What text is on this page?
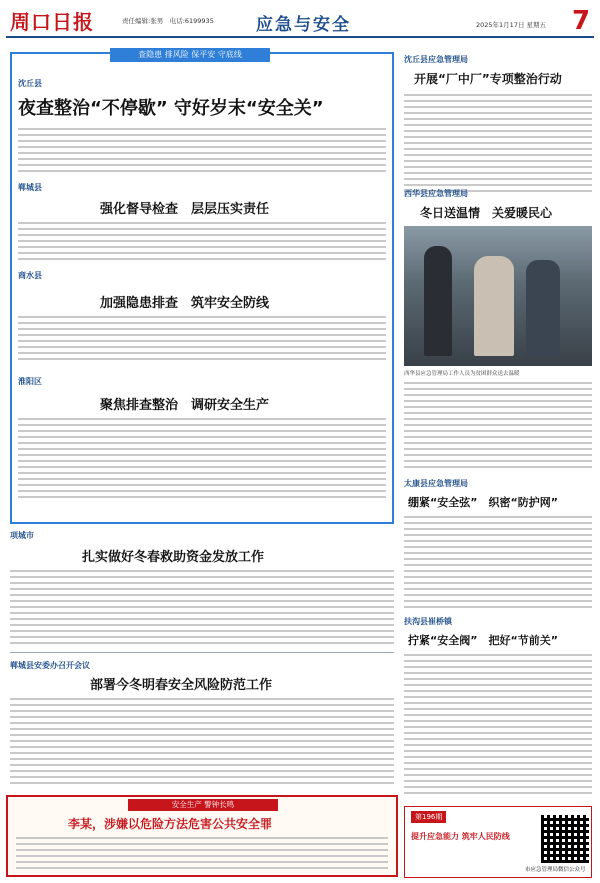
周口日报	责任编辑:张男　电话:6199935 应急与安全	2025年1月17日 星期五 7
查隐患 排风险 保平安 守底线
沈丘县
夜查整治“不停歇” 守好岁末“安全关”
郸城县
强化督导检查　层层压实责任
商水县
加强隐患排查　筑牢安全防线
淮阳区
聚焦排查整治　调研安全生产
项城市
扎实做好冬春救助资金发放工作
郸城县安委办召开会议
部署今冬明春安全风险防范工作
安全生产 警钟长鸣
李某，涉嫌以危险方法危害公共安全罪
沈丘县应急管理局
开展“厂中厂”专项整治行动
西华县应急管理局
冬日送温情　关爱暖民心
西华县应急管理局工作人员为贫困群众送去温暖
太康县应急管理局
绷紧“安全弦”　织密“防护网”
扶沟县崔桥镇
拧紧“安全阀”　把好“节前关”
第196期
提升应急能力 筑牢人民防线
市应急管理局微信公众号
